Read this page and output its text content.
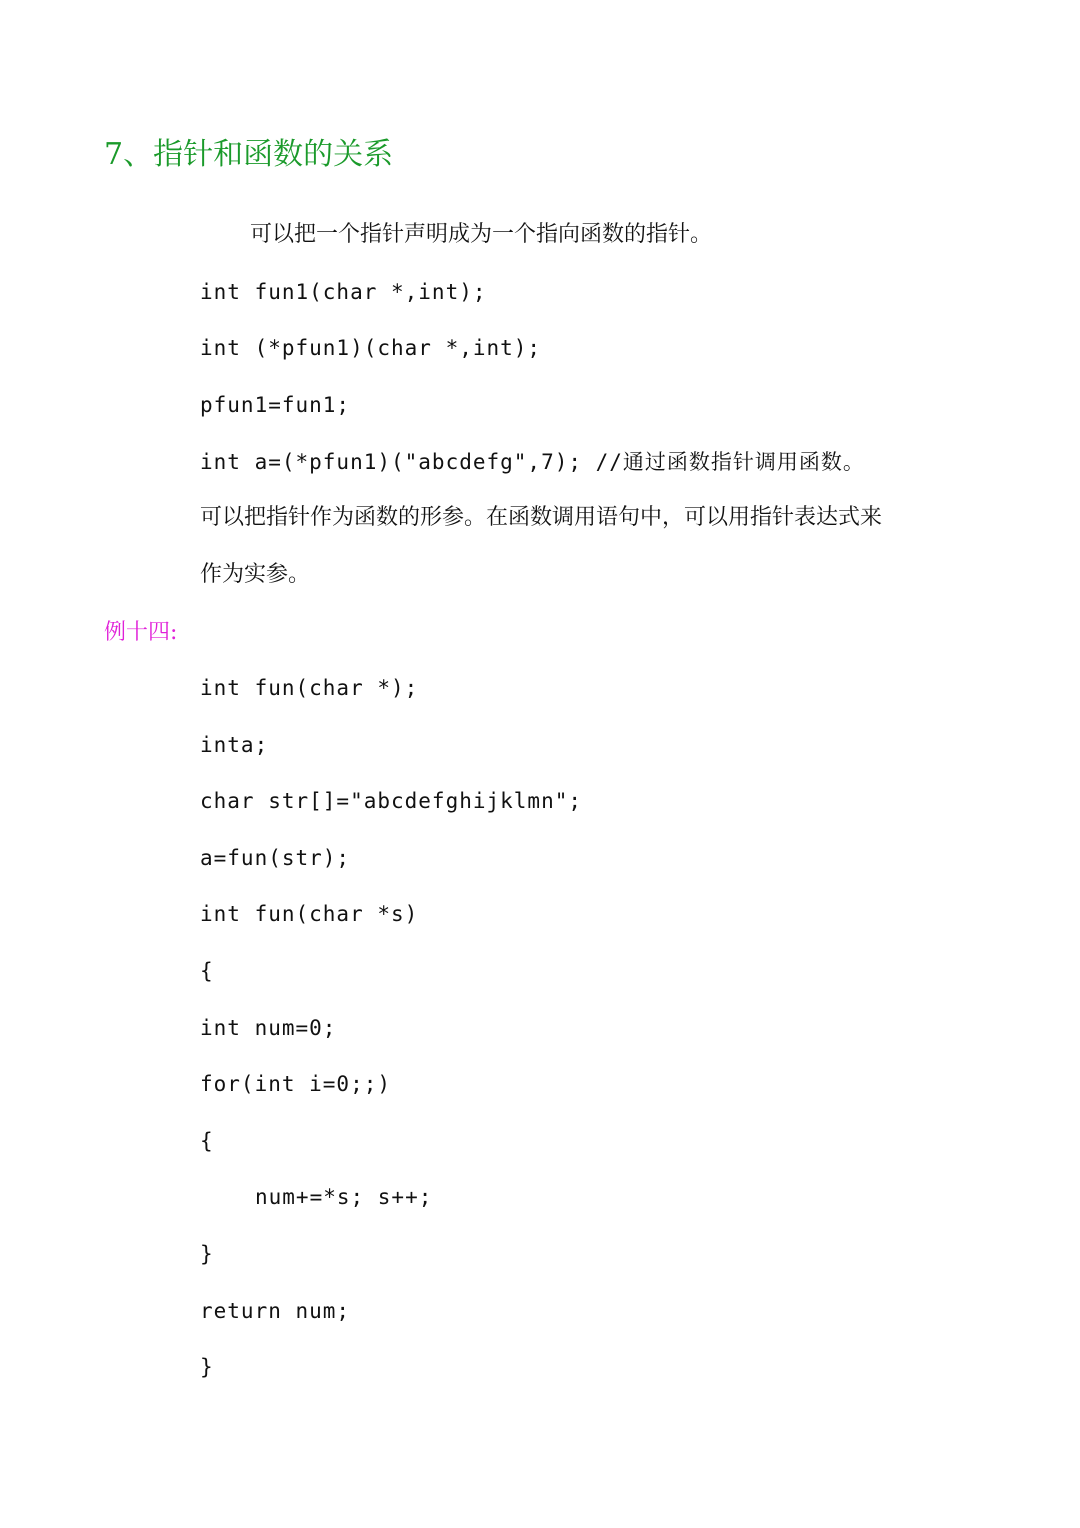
7、指针和函数的关系
可以把一个指针声明成为一个指向函数的指针。
int fun1(char *,int);
int (*pfun1)(char *,int);
pfun1=fun1;
int a=(*pfun1)("abcdefg",7); //通过函数指针调用函数。
可以把指针作为函数的形参。在函数调用语句中，可以用指针表达式来
作为实参。
例十四:
int fun(char *);
inta;
char str[]="abcdefghijklmn";
a=fun(str);
int fun(char *s)
{
int num=0;
for(int i=0;;)
{
num+=*s; s++;
}
return num;
}
